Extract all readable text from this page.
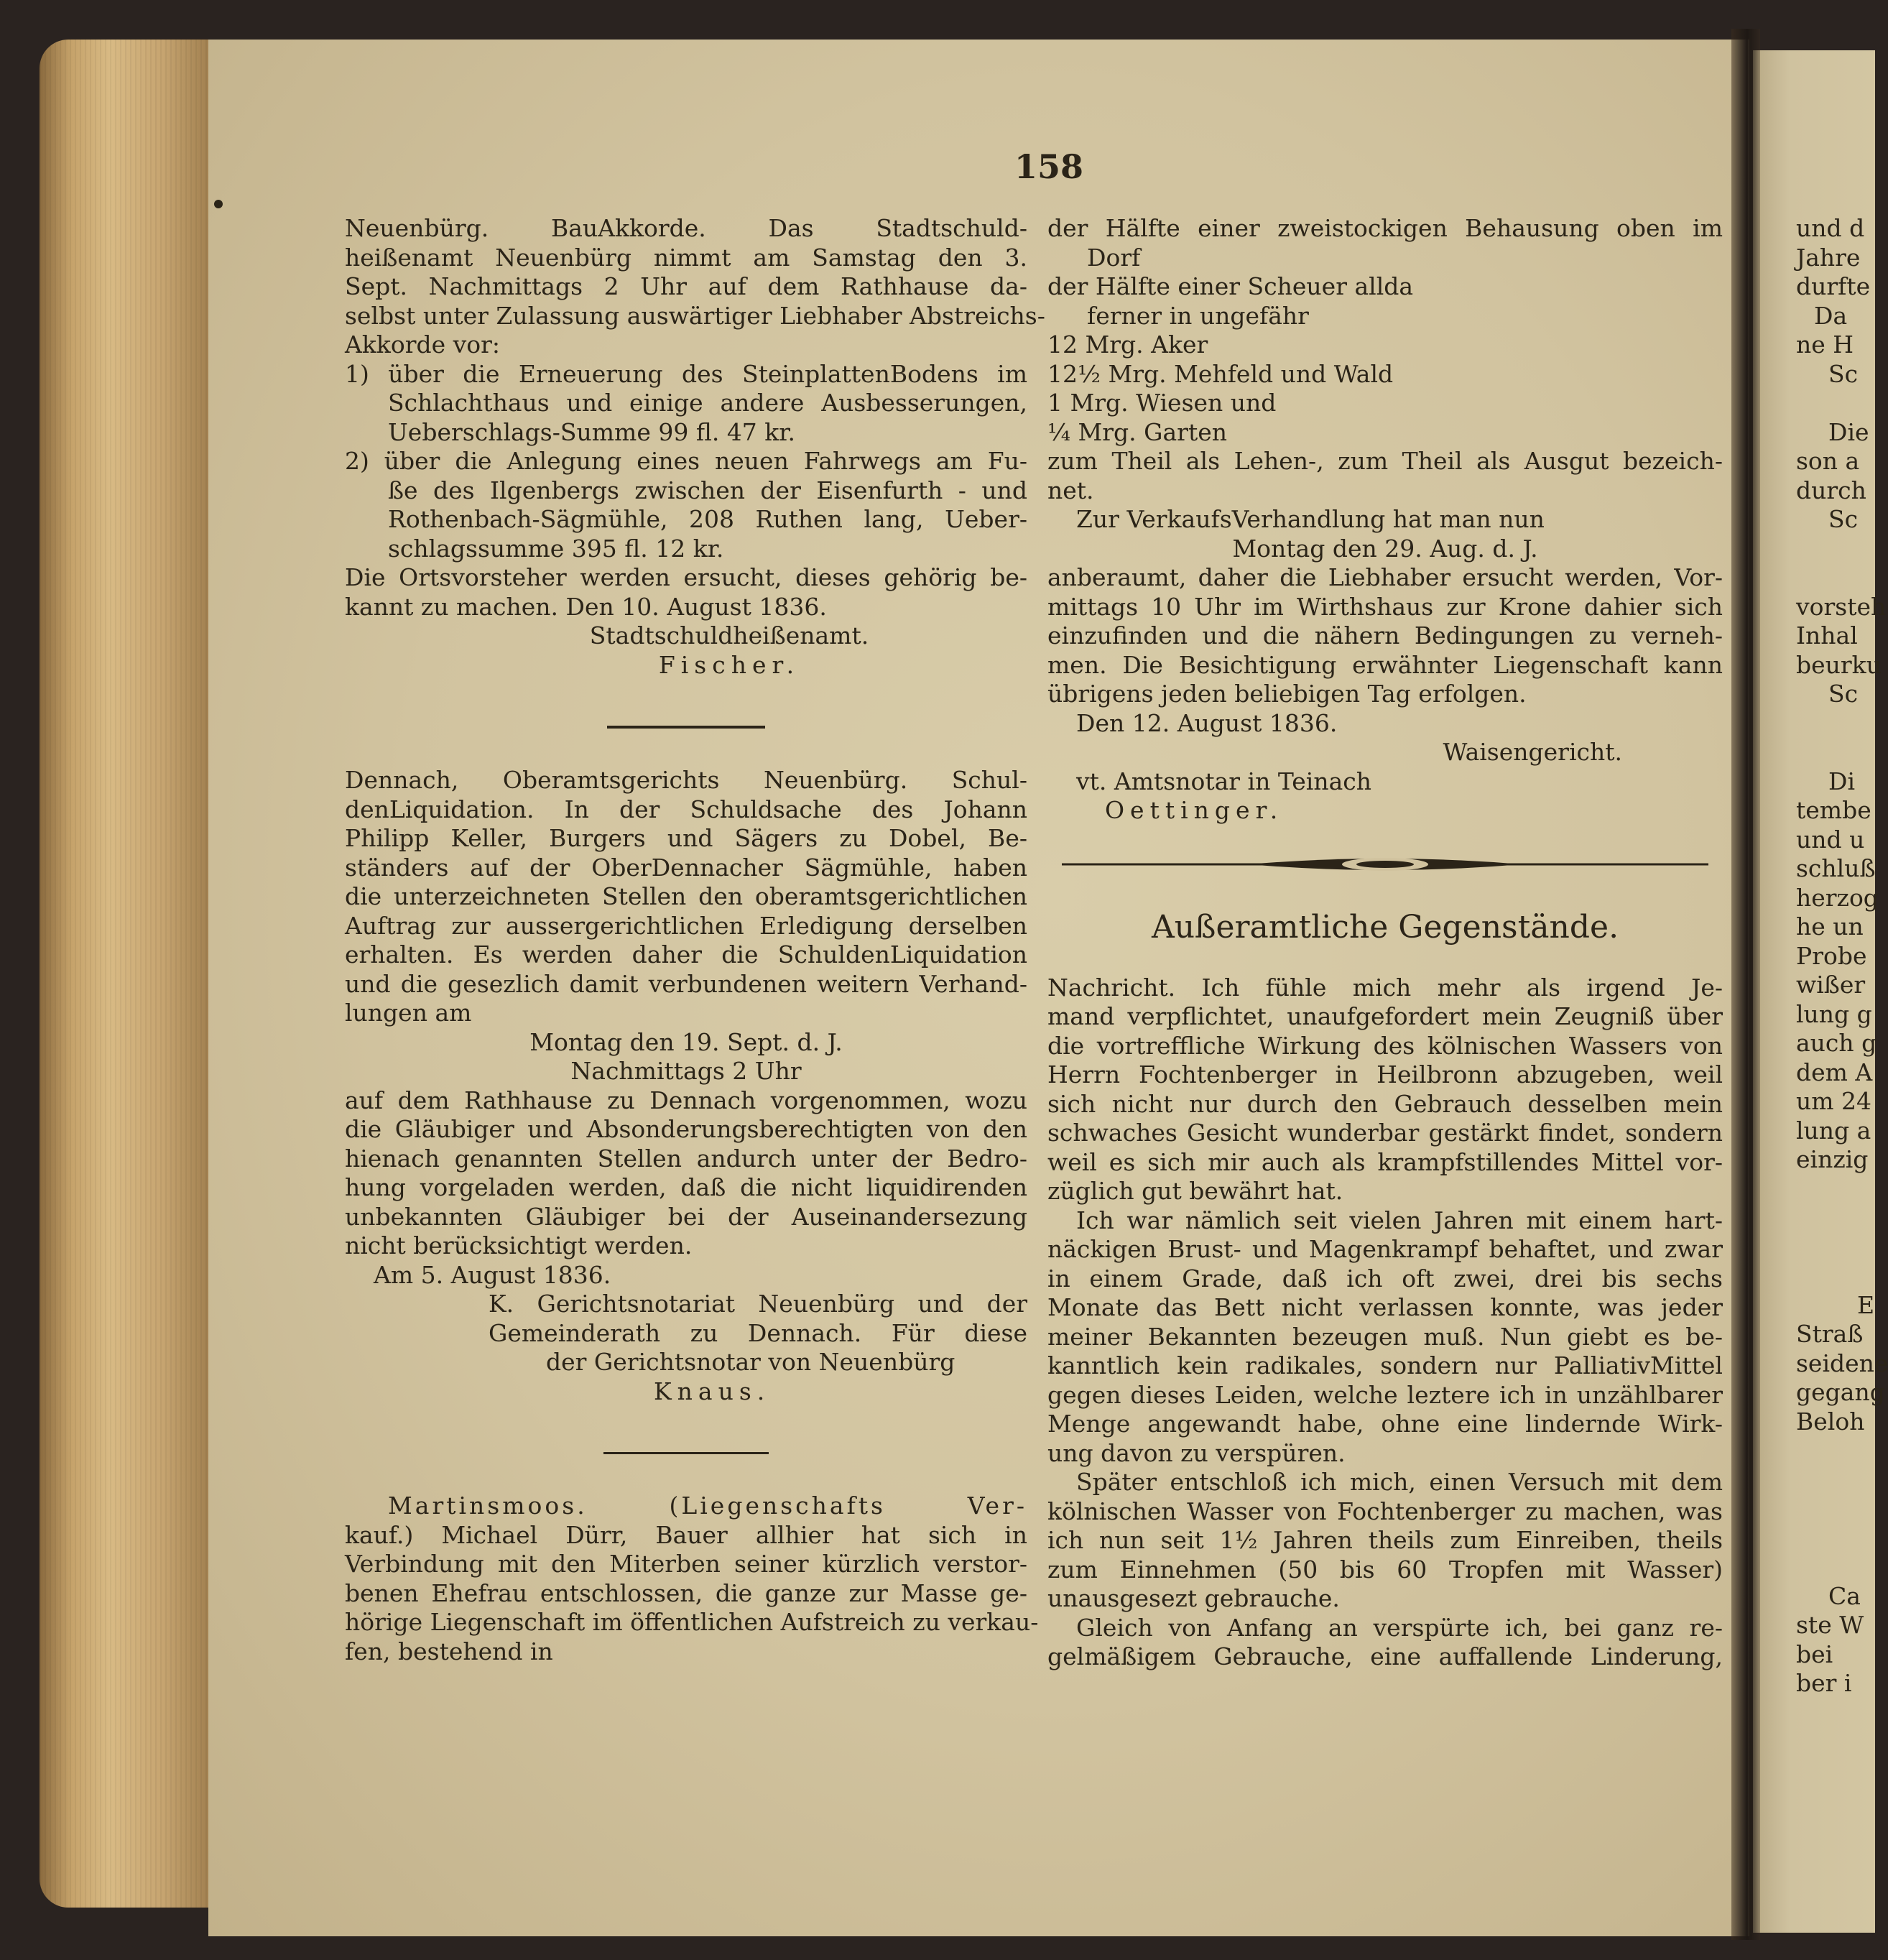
158
Neuenbürg. BauAkkorde. Das Stadtschuld-
heißenamt Neuenbürg nimmt am Samstag den 3.
Sept. Nachmittags 2 Uhr auf dem Rathhause da-
selbst unter Zulassung auswärtiger Liebhaber Abstreichs-
Akkorde vor:
1) über die Erneuerung des SteinplattenBodens im
Schlachthaus und einige andere Ausbesserungen,
Ueberschlags-Summe 99 fl. 47 kr.
2) über die Anlegung eines neuen Fahrwegs am Fu-
ße des Ilgenbergs zwischen der Eisenfurth - und
Rothenbach-Sägmühle, 208 Ruthen lang, Ueber-
schlagssumme 395 fl. 12 kr.
Die Ortsvorsteher werden ersucht, dieses gehörig be-
kannt zu machen. Den 10. August 1836.
Stadtschuldheißenamt.
Fischer.
Dennach, Oberamtsgerichts Neuenbürg. Schul-
denLiquidation. In der Schuldsache des Johann
Philipp Keller, Burgers und Sägers zu Dobel, Be-
ständers auf der OberDennacher Sägmühle, haben
die unterzeichneten Stellen den oberamtsgerichtlichen
Auftrag zur aussergerichtlichen Erledigung derselben
erhalten. Es werden daher die SchuldenLiquidation
und die gesezlich damit verbundenen weitern Verhand-
lungen am
Montag den 19. Sept. d. J.
Nachmittags 2 Uhr
auf dem Rathhause zu Dennach vorgenommen, wozu
die Gläubiger und Absonderungsberechtigten von den
hienach genannten Stellen andurch unter der Bedro-
hung vorgeladen werden, daß die nicht liquidirenden
unbekannten Gläubiger bei der Auseinandersezung
nicht berücksichtigt werden.
Am 5. August 1836.
K. Gerichtsnotariat Neuenbürg und der
Gemeinderath zu Dennach. Für diese
der Gerichtsnotar von Neuenbürg
Knaus.
Martinsmoos. (Liegenschafts Ver-
kauf.) Michael Dürr, Bauer allhier hat sich in
Verbindung mit den Miterben seiner kürzlich verstor-
benen Ehefrau entschlossen, die ganze zur Masse ge-
hörige Liegenschaft im öffentlichen Aufstreich zu verkau-
fen, bestehend in
der Hälfte einer zweistockigen Behausung oben im
Dorf
der Hälfte einer Scheuer allda
ferner in ungefähr
12 Mrg. Aker
12½ Mrg. Mehfeld und Wald
1 Mrg. Wiesen und
¼ Mrg. Garten
zum Theil als Lehen-, zum Theil als Ausgut bezeich-
net.
Zur VerkaufsVerhandlung hat man nun
Montag den 29. Aug. d. J.
anberaumt, daher die Liebhaber ersucht werden, Vor-
mittags 10 Uhr im Wirthshaus zur Krone dahier sich
einzufinden und die nähern Bedingungen zu verneh-
men. Die Besichtigung erwähnter Liegenschaft kann
übrigens jeden beliebigen Tag erfolgen.
Den 12. August 1836.
Waisengericht.
vt. Amtsnotar in Teinach
Oettinger.
Außeramtliche Gegenstände.
Nachricht. Ich fühle mich mehr als irgend Je-
mand verpflichtet, unaufgefordert mein Zeugniß über
die vortreffliche Wirkung des kölnischen Wassers von
Herrn Fochtenberger in Heilbronn abzugeben, weil
sich nicht nur durch den Gebrauch desselben mein
schwaches Gesicht wunderbar gestärkt findet, sondern
weil es sich mir auch als krampfstillendes Mittel vor-
züglich gut bewährt hat.
Ich war nämlich seit vielen Jahren mit einem hart-
näckigen Brust- und Magenkrampf behaftet, und zwar
in einem Grade, daß ich oft zwei, drei bis sechs
Monate das Bett nicht verlassen konnte, was jeder
meiner Bekannten bezeugen muß. Nun giebt es be-
kanntlich kein radikales, sondern nur PalliativMittel
gegen dieses Leiden, welche leztere ich in unzählbarer
Menge angewandt habe, ohne eine lindernde Wirk-
ung davon zu verspüren.
Später entschloß ich mich, einen Versuch mit dem
kölnischen Wasser von Fochtenberger zu machen, was
ich nun seit 1½ Jahren theils zum Einreiben, theils
zum Einnehmen (50 bis 60 Tropfen mit Wasser)
unausgesezt gebrauche.
Gleich von Anfang an verspürte ich, bei ganz re-
gelmäßigem Gebrauche, eine auffallende Linderung,
und d
Jahre
durfte
Da
ne H
Sc

Die
son a
durch
Sc

vorsteh
Inhal
beurku
Sc

Di
tembe
und u
schluß
herzog
he un
Probe
wißer
lung g
auch g
dem A
um 24
lung a
einzig

E
Straß
seidene
gegang
Beloh

Ca
ste W
bei
ber i
